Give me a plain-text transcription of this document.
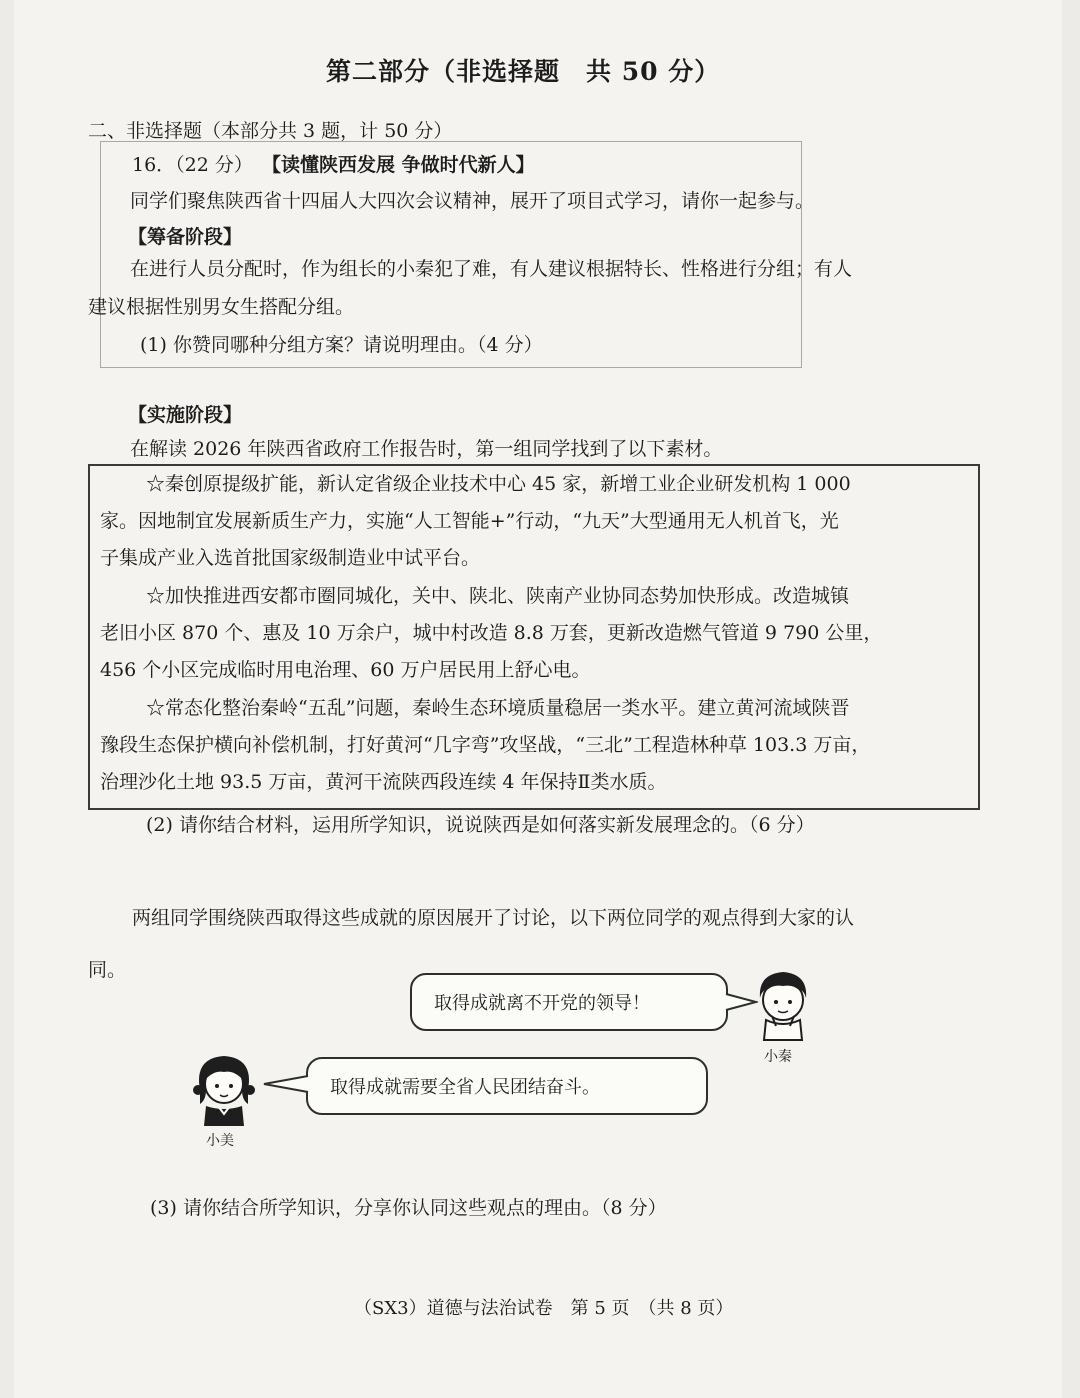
第二部分（非选择题　共 50 分）
二、非选择题（本部分共 3 题，计 50 分）
16．（22 分） 【读懂陕西发展 争做时代新人】
同学们聚焦陕西省十四届人大四次会议精神，展开了项目式学习，请你一起参与。
【筹备阶段】
在进行人员分配时，作为组长的小秦犯了难，有人建议根据特长、性格进行分组；有人
建议根据性别男女生搭配分组。
(1) 你赞同哪种分组方案？请说明理由。（4 分）
【实施阶段】
在解读 2026 年陕西省政府工作报告时，第一组同学找到了以下素材。
☆秦创原提级扩能，新认定省级企业技术中心 45 家，新增工业企业研发机构 1 000
家。因地制宜发展新质生产力，实施“人工智能+”行动，“九天”大型通用无人机首飞，光
子集成产业入选首批国家级制造业中试平台。
☆加快推进西安都市圈同城化，关中、陕北、陕南产业协同态势加快形成。改造城镇
老旧小区 870 个、惠及 10 万余户，城中村改造 8.8 万套，更新改造燃气管道 9 790 公里，
456 个小区完成临时用电治理、60 万户居民用上舒心电。
☆常态化整治秦岭“五乱”问题，秦岭生态环境质量稳居一类水平。建立黄河流域陕晋
豫段生态保护横向补偿机制，打好黄河“几字弯”攻坚战，“三北”工程造林种草 103.3 万亩，
治理沙化土地 93.5 万亩，黄河干流陕西段连续 4 年保持Ⅱ类水质。
(2) 请你结合材料，运用所学知识，说说陕西是如何落实新发展理念的。（6 分）
两组同学围绕陕西取得这些成就的原因展开了讨论，以下两位同学的观点得到大家的认
同。
取得成就离不开党的领导！
小秦
取得成就需要全省人民团结奋斗。
小美
(3) 请你结合所学知识，分享你认同这些观点的理由。（8 分）
（SX3）道德与法治试卷　第 5 页　（共 8 页）
